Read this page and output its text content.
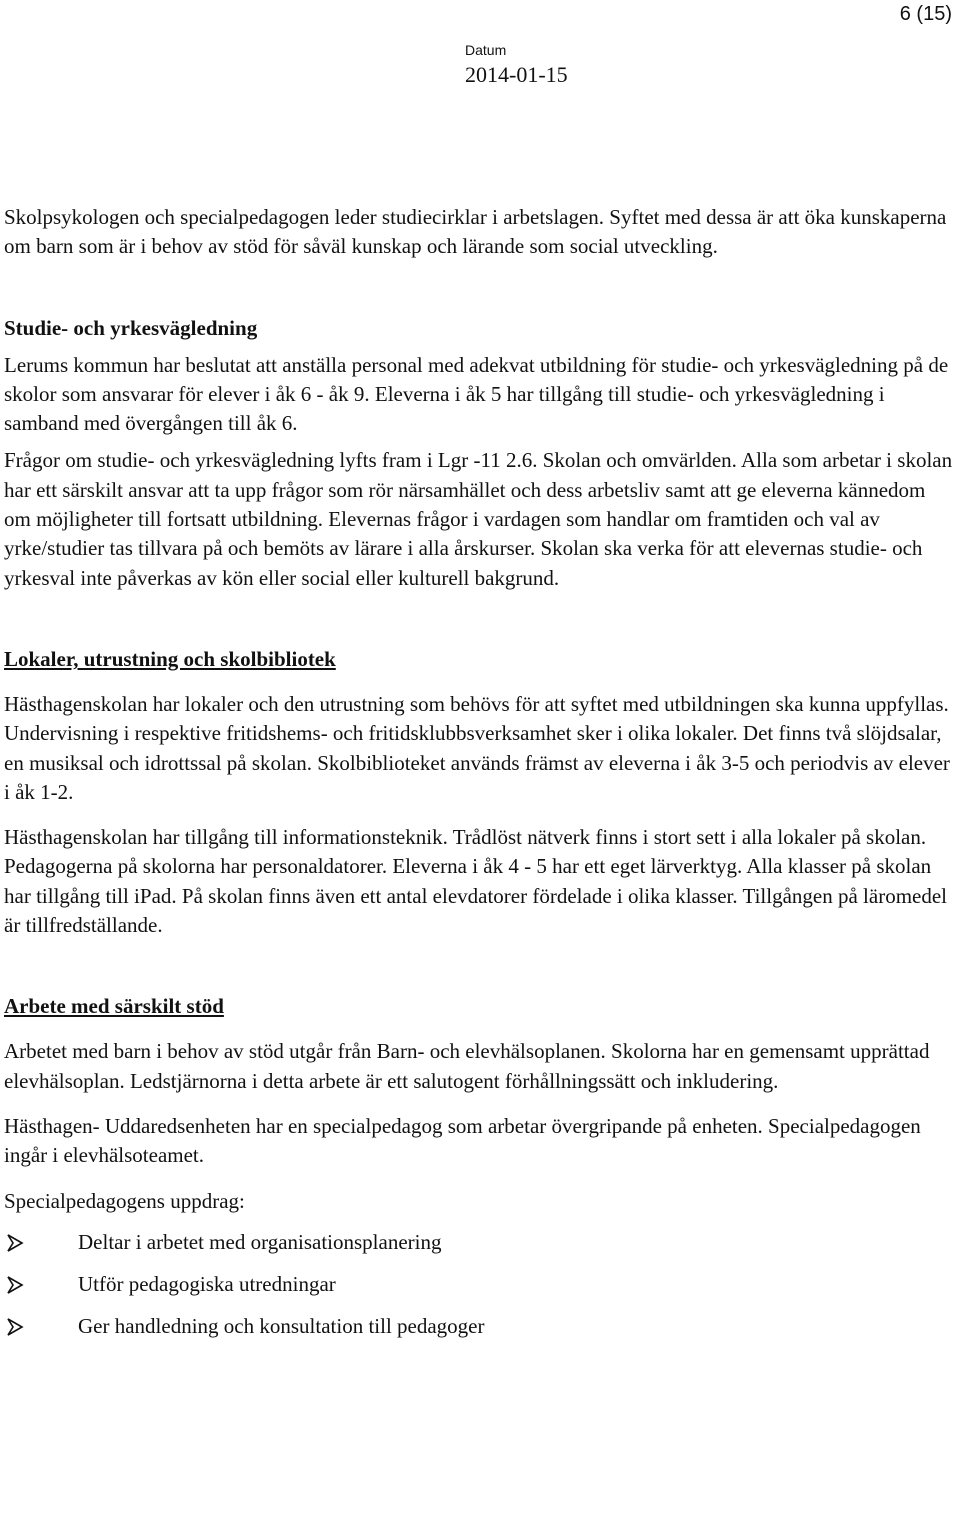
6 (15)
Datum
2014-01-15

Skolpsykologen och specialpedagogen leder studiecirklar i arbetslagen. Syftet med dessa är att öka kunskaperna om barn som är i behov av stöd för såväl kunskap och lärande som social utveckling.

Studie- och yrkesvägledning

Lerums kommun har beslutat att anställa personal med adekvat utbildning för studie- och yrkesvägledning på de skolor som ansvarar för elever i åk 6 - åk 9. Eleverna i åk 5 har tillgång till studie- och yrkesvägledning i samband med övergången till åk 6.

Frågor om studie- och yrkesvägledning lyfts fram i Lgr -11 2.6. Skolan och omvärlden. Alla som arbetar i skolan har ett särskilt ansvar att ta upp frågor som rör närsamhället och dess arbetsliv samt att ge eleverna kännedom om möjligheter till fortsatt utbildning. Elevernas frågor i vardagen som handlar om framtiden och val av yrke/studier tas tillvara på och bemöts av lärare i alla årskurser. Skolan ska verka för att elevernas studie- och yrkesval inte påverkas av kön eller social eller kulturell bakgrund.

Lokaler, utrustning och skolbibliotek

Hästhagenskolan har lokaler och den utrustning som behövs för att syftet med utbildningen ska kunna uppfyllas. Undervisning i respektive fritidshems- och fritidsklubbsverksamhet sker i olika lokaler. Det finns två slöjdsalar, en musiksal och idrottssal på skolan. Skolbiblioteket används främst av eleverna i åk 3-5 och periodvis av elever i åk 1-2.

Hästhagenskolan har tillgång till informationsteknik. Trådlöst nätverk finns i stort sett i alla lokaler på skolan. Pedagogerna på skolorna har personaldatorer. Eleverna i åk 4 - 5 har ett eget lärverktyg. Alla klasser på skolan har tillgång till iPad. På skolan finns även ett antal elevdatorer fördelade i olika klasser. Tillgången på läromedel är tillfredställande.

Arbete med särskilt stöd

Arbetet med barn i behov av stöd utgår från Barn- och elevhälsoplanen. Skolorna har en gemensamt upprättad elevhälsoplan. Ledstjärnorna i detta arbete är ett salutogent förhållningssätt och inkludering.

Hästhagen- Uddaredsenheten har en specialpedagog som arbetar övergripande på enheten. Specialpedagogen ingår i elevhälsoteamet.

Specialpedagogens uppdrag:

Deltar i arbetet med organisationsplanering
Utför pedagogiska utredningar
Ger handledning och konsultation till pedagoger
